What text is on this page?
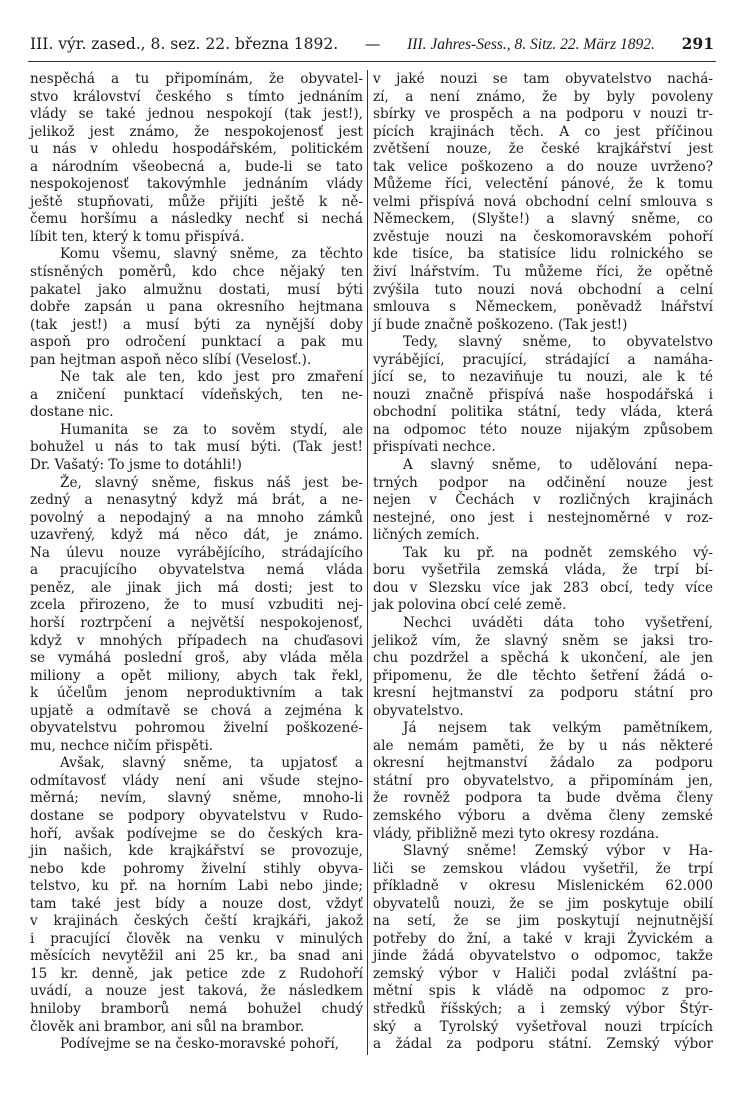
III. výr. zased., 8. sez. 22. března 1892. — III. Jahres-Sess., 8. Sitz. 22. März 1892. 291
nespěchá a tu připomínám, že obyvatel-
stvo království českého s tímto jednáním
vlády se také jednou nespokojí (tak jest!),
jelikož jest známo, že nespokojenosť jest
u nás v ohledu hospodářském, politickém
a národním všeobecná a, bude-li se tato
nespokojenosť takovýmhle jednáním vlády
ještě stupňovati, může přijíti ještě k ně-
čemu horšímu a následky nechť si nechá
líbit ten, který k tomu přispívá.
Komu všemu, slavný sněme, za těchto
stísněných poměrů, kdo chce nějaký ten
pakatel jako almužnu dostati, musí býti
dobře zapsán u pana okresního hejtmana
(tak jest!) a musí býti za nynější doby
aspoň pro odročení punktací a pak mu
pan hejtman aspoň něco slíbí (Veselosť.).
Ne tak ale ten, kdo jest pro zmaření
a zničení punktací vídeňských, ten ne-
dostane nic.
Humanita se za to sověm stydí, ale
bohužel u nás to tak musí býti. (Tak jest!
Dr. Vašatý: To jsme to dotáhli!)
Že, slavný sněme, fiskus náš jest be-
zedný a nenasytný když má brát, a ne-
povolný a nepodajný a na mnoho zámků
uzavřený, když má něco dát, je známo.
Na úlevu nouze vyrábějícího, strádajícího
a pracujícího obyvatelstva nemá vláda
peněz, ale jinak jich má dosti; jest to
zcela přirozeno, že to musí vzbuditi nej-
horší roztrpčení a největší nespokojenosť,
když v mnohých případech na chuďasovi
se vymáhá poslední groš, aby vláda měla
miliony a opět miliony, abych tak řekl,
k účelům jenom neproduktivním a tak
upjatě a odmítavě se chová a zejména k
obyvatelstvu pohromou živelní poškozené-
mu, nechce ničím přispěti.
Avšak, slavný sněme, ta upjatosť a
odmítavosť vlády není ani všude stejno-
měrná; nevím, slavný sněme, mnoho-li
dostane se podpory obyvatelstvu v Rudo-
hoří, avšak podívejme se do českých kra-
jin našich, kde krajkářství se provozuje,
nebo kde pohromy živelní stihly obyva-
telstvo, ku př. na horním Labi nebo jinde;
tam také jest bídy a nouze dost, vždyť
v krajinách českých čeští krajkáři, jakož
i pracující člověk na venku v minulých
měsících nevytěžil ani 25 kr., ba snad ani
15 kr. denně, jak petice zde z Rudohoří
uvádí, a nouze jest taková, že následkem
hniloby bramborů nemá bohužel chudý
člověk ani brambor, ani sůl na brambor.
Podívejme se na česko-moravské pohoří,
v jaké nouzi se tam obyvatelstvo nachá-
zí, a není známo, že by byly povoleny
sbírky ve prospěch a na podporu v nouzi tr-
pících krajinách těch. A co jest příčinou
zvětšení nouze, že české krajkářství jest
tak velice poškozeno a do nouze uvrženo?
Můžeme říci, velectění pánové, že k tomu
velmi přispívá nová obchodní celní smlouva s
Německem, (Slyšte!) a slavný sněme, co
zvěstuje nouzi na českomoravském pohoří
kde tisíce, ba statisíce lidu rolnického se
živí lnářstvím. Tu můžeme říci, že opětně
zvýšila tuto nouzi nová obchodní a celní
smlouva s Německem, poněvadž lnářství
jí bude značně poškozeno. (Tak jest!)
Tedy, slavný sněme, to obyvatelstvo
vyrábějící, pracující, strádající a namáha-
jící se, to nezaviňuje tu nouzi, ale k té
nouzi značně přispívá naše hospodářská i
obchodní politika státní, tedy vláda, která
na odpomoc této nouze nijakým způsobem
přispívati nechce.
A slavný sněme, to udělování nepa-
trných podpor na odčinění nouze jest
nejen v Čechách v rozličných krajinách
nestejné, ono jest i nestejnoměrné v roz-
ličných zemích.
Tak ku př. na podnět zemského vý-
boru vyšetřila zemská vláda, že trpí bí-
dou v Slezsku více jak 283 obcí, tedy více
jak polovina obcí celé země.
Nechci uváděti dáta toho vyšetření,
jelikož vím, že slavný sněm se jaksi tro-
chu pozdržel a spěchá k ukončení, ale jen
připomenu, že dle těchto šetření žádá o-
kresní hejtmanství za podporu státní pro
obyvatelstvo.
Já nejsem tak velkým pamětníkem,
ale nemám paměti, že by u nás některé
okresní hejtmanství žádalo za podporu
státní pro obyvatelstvo, a připomínám jen,
že rovněž podpora ta bude dvěma členy
zemského výboru a dvěma členy zemské
vlády, přibližně mezi tyto okresy rozdána.
Slavný sněme! Zemský výbor v Ha-
liči se zemskou vládou vyšetřil, že trpí
příkladně v okresu Mislenickém 62.000
obyvatelů nouzi, že se jim poskytuje obilí
na setí, že se jim poskytují nejnutnější
potřeby do žní, a také v kraji Żyvickém a
jinde žádá obyvatelstvo o odpomoc, takže
zemský výbor v Haliči podal zvláštní pa-
mětní spis k vládě na odpomoc z pro-
středků říšských; a i zemský výbor Štýr-
ský a Tyrolský vyšetřoval nouzi trpících
a žádal za podporu státní. Zemský výbor
